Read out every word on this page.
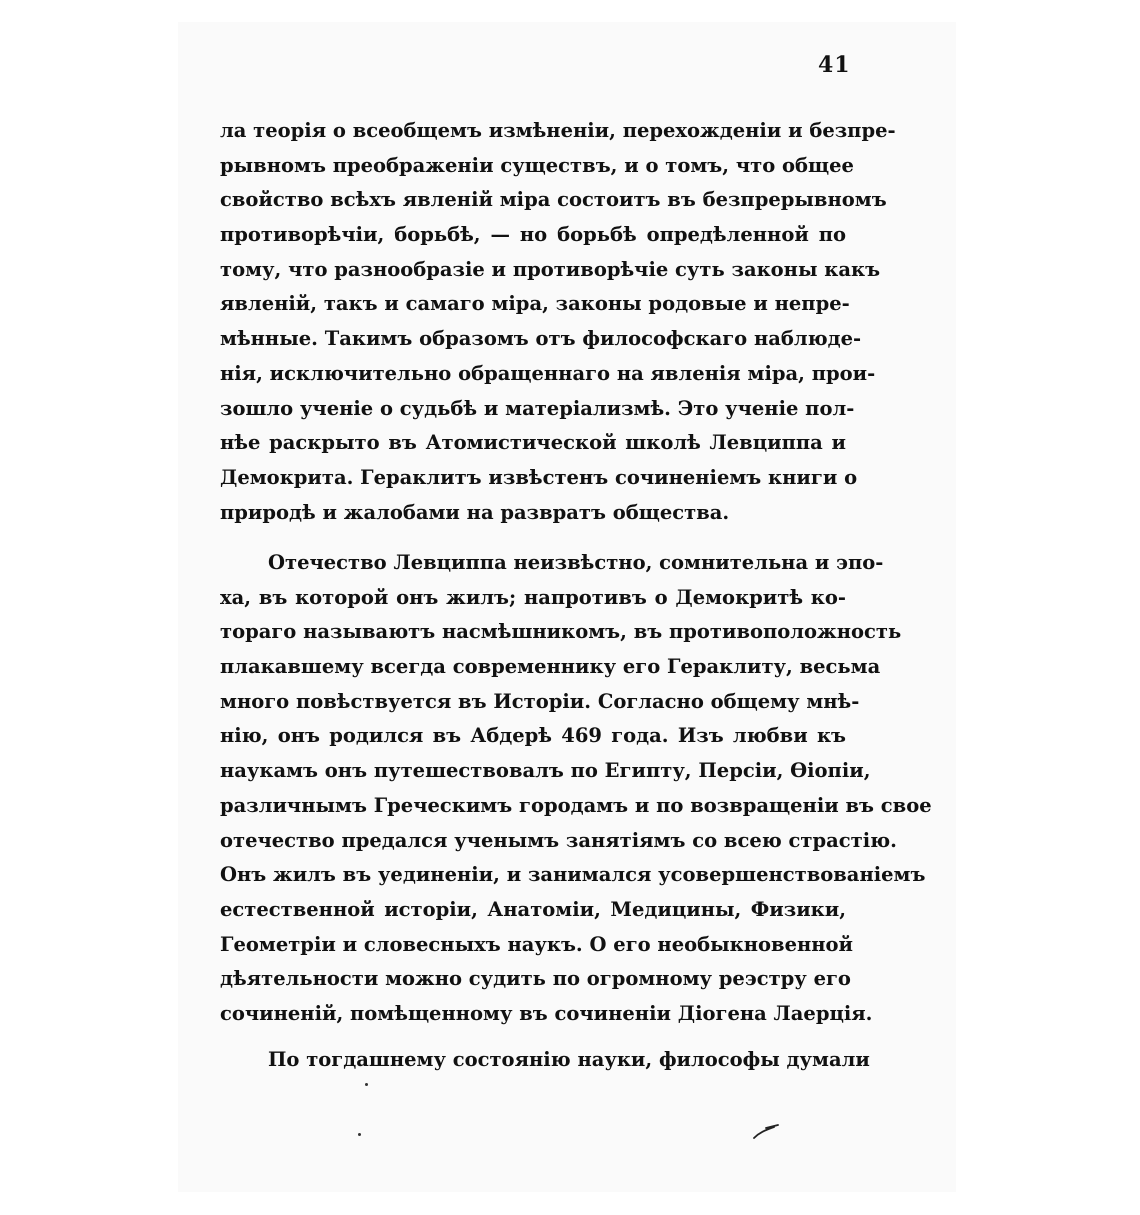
41
ла теорія о всеобщемъ измѣненіи, перехожденіи и безпре-
рывномъ преображеніи существъ, и о томъ, что общее
свойство всѣхъ явленій міра состоитъ въ безпрерывномъ
противорѣчіи, борьбѣ, — но борьбѣ опредѣленной по
тому, что разнообразіе и противорѣчіе суть законы какъ
явленій, такъ и самаго міра, законы родовые и непре-
мѣнные. Такимъ образомъ отъ философскаго наблюде-
нія, исключительно обращеннаго на явленія міра, прои-
зошло ученіе о судьбѣ и матеріализмѣ. Это ученіе пол-
нѣе раскрыто въ Атомистической школѣ Левциппа и
Демокрита. Гераклитъ извѣстенъ сочиненіемъ книги о
природѣ и жалобами на развратъ общества.
Отечество Левциппа неизвѣстно, сомнительна и эпо-
ха, въ которой онъ жилъ; напротивъ о Демокритѣ ко-
тораго называютъ насмѣшникомъ, въ противоположность
плакавшему всегда современнику его Гераклиту, весьма
много повѣствуется въ Исторіи. Согласно общему мнѣ-
нію, онъ родился въ Абдерѣ 469 года. Изъ любви къ
наукамъ онъ путешествовалъ по Египту, Персіи, Ѳіопіи,
различнымъ Греческимъ городамъ и по возвращеніи въ свое
отечество предался ученымъ занятіямъ со всею страстію.
Онъ жилъ въ уединеніи, и занимался усовершенствованіемъ
естественной исторіи, Анатоміи, Медицины, Физики,
Геометріи и словесныхъ наукъ. О его необыкновенной
дѣятельности можно судить по огромному реэстру его
сочиненій, помѣщенному въ сочиненіи Діогена Лаерція.
По тогдашнему состоянію науки, философы думали
